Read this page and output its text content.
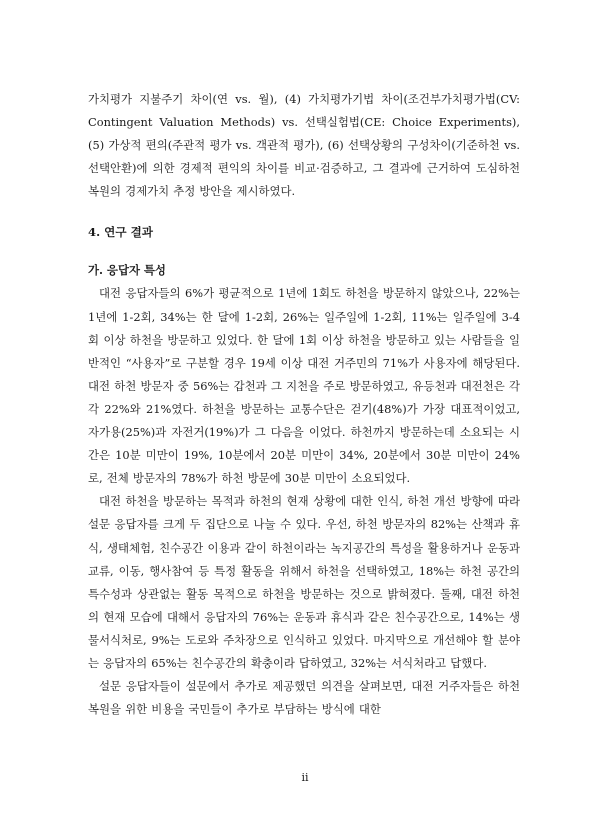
가치평가 지불주기 차이(연 vs. 월), (4) 가치평가기법 차이(조건부가치평가법(CV: Contingent Valuation Methods) vs. 선택실험법(CE: Choice Experiments), (5) 가상적 편의(주관적 평가 vs. 객관적 평가), (6) 선택상황의 구성차이(기준하천 vs. 선택안환)에 의한 경제적 편익의 차이를 비교·검증하고, 그 결과에 근거하여 도심하천복원의 경제가치 추정 방안을 제시하였다.

4. 연구 결과
가. 응답자 특성

대전 응답자들의 6%가 평균적으로 1년에 1회도 하천을 방문하지 않았으나, 22%는 1년에 1-2회, 34%는 한 달에 1-2회, 26%는 일주일에 1-2회, 11%는 일주일에 3-4회 이상 하천을 방문하고 있었다. 한 달에 1회 이상 하천을 방문하고 있는 사람들을 일반적인 “사용자”로 구분할 경우 19세 이상 대전 거주민의 71%가 사용자에 해당된다. 대전 하천 방문자 중 56%는 갑천과 그 지천을 주로 방문하였고, 유등천과 대전천은 각각 22%와 21%였다. 하천을 방문하는 교통수단은 걷기(48%)가 가장 대표적이었고, 자가용(25%)과 자전거(19%)가 그 다음을 이었다. 하천까지 방문하는데 소요되는 시간은 10분 미만이 19%, 10분에서 20분 미만이 34%, 20분에서 30분 미만이 24%로, 전체 방문자의 78%가 하천 방문에 30분 미만이 소요되었다.

대전 하천을 방문하는 목적과 하천의 현재 상황에 대한 인식, 하천 개선 방향에 따라 설문 응답자를 크게 두 집단으로 나눌 수 있다. 우선, 하천 방문자의 82%는 산책과 휴식, 생태체험, 친수공간 이용과 같이 하천이라는 녹지공간의 특성을 활용하거나 운동과 교류, 이동, 행사참여 등 특정 활동을 위해서 하천을 선택하였고, 18%는 하천 공간의 특수성과 상관없는 활동 목적으로 하천을 방문하는 것으로 밝혀졌다. 둘째, 대전 하천의 현재 모습에 대해서 응답자의 76%는 운동과 휴식과 같은 친수공간으로, 14%는 생물서식처로, 9%는 도로와 주차장으로 인식하고 있었다. 마지막으로 개선해야 할 분야는 응답자의 65%는 친수공간의 확충이라 답하였고, 32%는 서식처라고 답했다.

설문 응답자들이 설문에서 추가로 제공했던 의견을 살펴보면, 대전 거주자들은 하천복원을 위한 비용을 국민들이 추가로 부담하는 방식에 대한

ii
